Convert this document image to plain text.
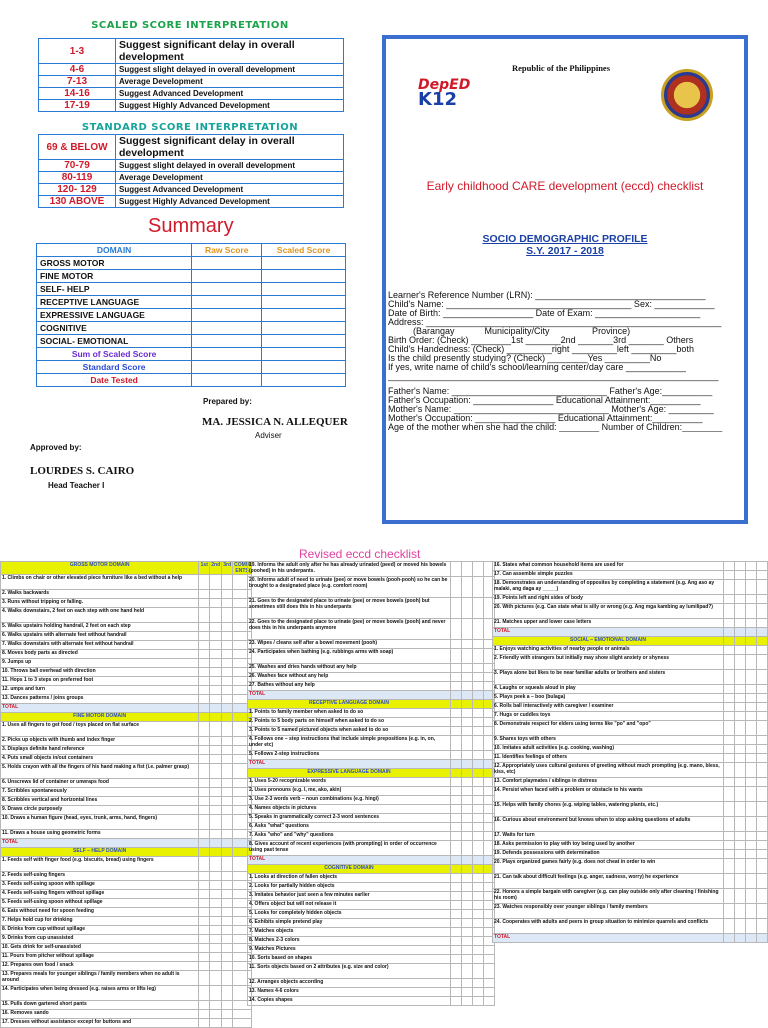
SCALED SCORE INTERPRETATION
1-3	Suggest significant delay in overall development
4-6	Suggest slight delayed in overall development
7-13	Average Development
14-16	Suggest Advanced Development
17-19	Suggest Highly Advanced Development
STANDARD SCORE INTERPRETATION
69 & BELOW	Suggest significant delay in overall development
70-79	Suggest slight delayed in overall development
80-119	Average Development
120- 129	Suggest Advanced Development
130 ABOVE	Suggest Highly Advanced Development
Summary
DOMAIN	Raw Score	Scaled Score
GROSS MOTOR		
FINE MOTOR		
SELF- HELP		
RECEPTIVE LANGUAGE		
EXPRESSIVE LANGUAGE		
COGNITIVE		
SOCIAL- EMOTIONAL		
Sum of Scaled Score		
Standard Score		
Date Tested		
Prepared by:
MA. JESSICA N. ALLEQUER
Adviser
Approved by:
LOURDES S. CAIRO
Head Teacher I
DepED
K12
Republic of the Philippines
Early childhood CARE development (eccd) checklist
SOCIO DEMOGRAPHIC PROFILE
S.Y. 2017 - 2018
Learner's Reference Number (LRN): __________________________________
Child's Name: _____________________________________ Sex: ____________
Date of Birth: __________________ Date of Exam: _____________________
Address: ___________________________________________________________
(Barangay            Municipality/City                 Province)
Birth Order: (Check) ________1st _______2nd _______3rd _______ Others
Child's Handedness: (Check) _________right _________left _________both
Is the child presently studying? (Check) ________Yes _________No
If yes, write name of child's school/learning center/day care ____________
__________________________________________________________________
Father's Name: _______________________________ Father's Age:__________
Father's Occupation: ________________ Educational Attainment:__________
Mother's Name: _______________________________ Mother's Age: _________
Mother's Occupation: ________________ Educational Attainment:__________
Age of the mother when she had the child: ________ Number of Children:________
Revised eccd checklist
GROSS MOTOR DOMAIN	1st	2nd	3rd	COMM ENTS
1. Climbs on chair or other elevated piece furniture like a bed without a help				
2. Walks backwards				
3. Runs without tripping or falling.				
4. Walks downstairs, 2 feet on each step with one hand held				
5. Walks upstairs holding handrail, 2 feet on each step				
6. Walks upstairs with alternate feet without handrail				
7. Walks downstairs with alternate feet without handrail				
8. Moves body parts as directed				
9. Jumps up				
10. Throws ball overhead with direction				
11. Hops 1 to 3 steps on preferred foot				
12. umps and turn				
13. Dances patterns / joins groups				
TOTAL				
FINE MOTOR DOMAIN				
1. Uses all fingers to get food / toys placed on flat surface				
2. Picks up objects with thumb and index finger				
3. Displays definite hand reference				
4. Puts small objects in/out containers				
5. Holds crayon with all the fingers of his hand making a fist (i.e. palmer grasp)				
6. Unscrews lid of container or unwraps food				
7. Scribbles spontaneously				
8. Scribbles vertical and horizontal lines				
9. Draws circle purposely				
10. Draws a human figure (head, eyes, trunk, arms, hand, fingers)				
11. Draws a house using geometric forms				
TOTAL				
SELF – HELP DOMAIN				
1. Feeds self with finger food (e.g. biscuits, bread) using fingers				
2. Feeds self-using fingers				
3. Feeds self-using spoon with spillage				
4. Feeds self-using fingers without spillage				
5. Feeds self-using spoon without spillage				
6. Eats without need for spoon feeding				
7. Helps hold cup for drinking				
8. Drinks from cup without spillage				
9. Drinks from cup unassisted				
10. Gets drink for self-unassisted				
11. Pours from pitcher without spillage				
12. Prepares own food / snack				
13. Prepares meals for younger siblings / family members when no adult is around				
14. Participates when being dressed (e.g. raises arms or lifts leg)				
15. Pulls down gartered short pants				
16. Removes sando				
17. Dresses without assistance except for buttons and				
19. Informs the adult only after he has already urinated (peed) or moved his bowels (poohed) in his underpants.				
20. Informs adult of need to urinate (pee) or move bowels (pooh-pooh) so he can be brought to a designated place (e.g. comfort room)				
21. Goes to the designated place to urinate (pee) or move bowels (pooh) but sometimes still does this in his underpants				
22. Goes to the designated place to urinate (pee) or move bowels (pooh) and never does this in his underpants anymore				
23. Wipes / cleans self after a bowel movement (pooh)				
24. Participates when bathing (e.g. rubbings arms with soap)				
25. Washes and dries hands without any help				
26. Washes face without any help				
27. Bathes without any help				
TOTAL				
RECEPTIVE LANGUAGE DOMAIN				
1. Points to family member when asked to do so				
2. Points to 5 body parts on himself when asked to do so				
3. Points to 5 named pictured objects when asked to do so				
4. Follows one – step instructions that include simple prepositions (e.g. in, on, under etc)				
5. Follows 2-step instructions				
TOTAL				
EXPRESSIVE LANGUAGE DOMAIN				
1. Uses 5-20 recognizable words				
2. Uses pronouns (e.g. I, me, ako, akin)				
3. Use 2-3 words verb – noun combinations (e.g. hingi)				
4. Names objects in pictures				
5. Speaks in grammatically correct 2-3 word sentences				
6. Asks "what" questions				
7. Asks "who" and "why" questions				
8. Gives account of recent experiences (with prompting) in order of occurrence using past tense				
TOTAL				
COGNITIVE DOMAIN				
1. Looks at direction of fallen objects				
2. Looks for partially hidden objects				
3. Imitates behavior just seen a few minutes earlier				
4. Offers object but will not release it				
5. Looks for completely hidden objects				
6. Exhibits simple pretend play				
7. Matches objects				
8. Matches 2-3 colors				
9. Matches Pictures				
10. Sorts based on shapes				
11. Sorts objects based on 2 attributes (e.g. size and color)				
12. Arranges objects according				
13. Names 4-6 colors				
14. Copies shapes				
16. States what common household items are used for				
17. Can assemble simple puzzles				
18. Demonstrates an understanding of opposites by completing a statement (e.g. Ang aso ay malaki, ang daga ay _____)				
19. Points left and right sides of body				
20. With pictures (e.g. Can state what is silly or wrong (e.g. Ang mga kambing ay lumilipad?)				
21. Matches upper and lower case letters				
TOTAL				
SOCIAL – EMOTIONAL DOMAIN				
1. Enjoys watching activities of nearby people or animals				
2. Friendly with strangers but initially may show slight anxiety or shyness				
3. Plays alone but likes to be near familiar adults or brothers and sisters				
4. Laughs or squeals aloud in play				
5. Plays peek a – boo (bulaga)				
6. Rolls ball interactively with caregiver / examiner				
7. Hugs or cuddles toys				
8. Demonstrate respect for elders using terms like "po" and "opo"				
9. Shares toys with others				
10. Imitates adult activities (e.g. cooking, washing)				
11. Identifies feelings of others				
12. Appropriately uses cultural gestures of greeting without much prompting (e.g. mano, bless, kiss, etc)				
13. Comfort playmates / siblings in distress				
14. Persist when faced with a problem or obstacle to his wants				
15. Helps with family chores (e.g. wiping tables, watering plants, etc.)				
16. Curious about environment but knows when to stop asking questions of adults				
17. Waits for turn				
18. Asks permission to play with toy being used by another				
19. Defends possessions with determination				
20. Plays organized games fairly (e.g. does not cheat in order to win				
21. Can talk about difficult feelings (e.g. anger, sadness, worry) he experience				
22. Honors a simple bargain with caregiver (e.g. can play outside only after cleaning / finishing his room)				
23. Watches responsibly over younger siblings / family members				
24. Cooperates with adults and peers in group situation to minimize quarrels and conflicts				
TOTAL				
